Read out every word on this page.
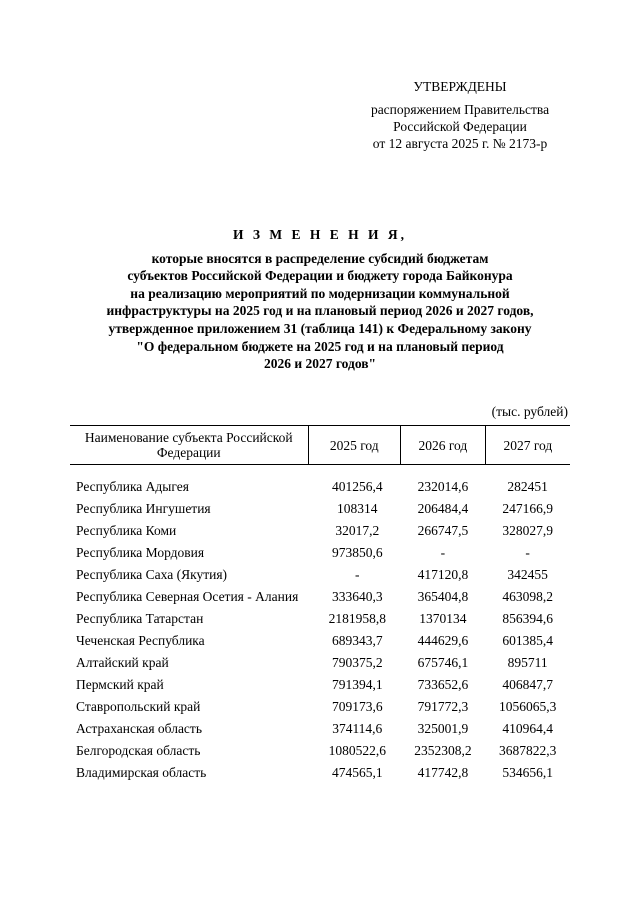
УТВЕРЖДЕНЫ
распоряжением Правительства
Российской Федерации
от 12 августа 2025 г. № 2173-р
И З М Е Н Е Н И Я,
которые вносятся в распределение субсидий бюджетам
субъектов Российской Федерации и бюджету города Байконура
на реализацию мероприятий по модернизации коммунальной
инфраструктуры на 2025 год и на плановый период 2026 и 2027 годов,
утвержденное приложением 31 (таблица 141) к Федеральному закону
"О федеральном бюджете на 2025 год и на плановый период
2026 и 2027 годов"
(тыс. рублей)
Наименование субъекта Российской Федерации	2025 год	2026 год	2027 год

Республика Адыгея	401256,4	232014,6	282451
Республика Ингушетия	108314	206484,4	247166,9
Республика Коми	32017,2	266747,5	328027,9
Республика Мордовия	973850,6	-	-
Республика Саха (Якутия)	-	417120,8	342455
Республика Северная Осетия - Алания	333640,3	365404,8	463098,2
Республика Татарстан	2181958,8	1370134	856394,6
Чеченская Республика	689343,7	444629,6	601385,4
Алтайский край	790375,2	675746,1	895711
Пермский край	791394,1	733652,6	406847,7
Ставропольский край	709173,6	791772,3	1056065,3
Астраханская область	374114,6	325001,9	410964,4
Белгородская область	1080522,6	2352308,2	3687822,3
Владимирская область	474565,1	417742,8	534656,1
